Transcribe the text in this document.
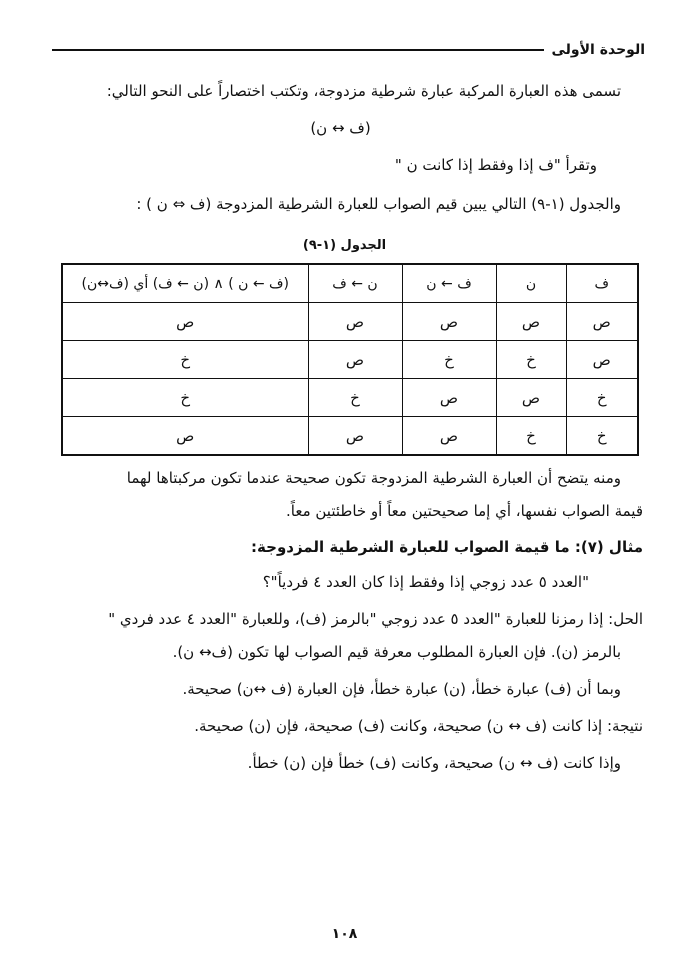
الوحدة الأولى

تسمى هذه العبارة المركبة عبارة شرطية مزدوجة، وتكتب اختصاراً على النحو التالي:

(ف ↔ ن)

وتقرأ "ف إذا وفقط إذا كانت ن "

والجدول (١-٩) التالي يبين قيم الصواب للعبارة الشرطية المزدوجة (ف ⇔ ن ) :

الجدول (١-٩)
ف	ن	ف ← ن	ن ← ف	(ف ← ن ) ∧ (ن ← ف) أي (ف↔ن)
ص	ص	ص	ص	ص
ص	خ	خ	ص	خ
خ	ص	ص	خ	خ
خ	خ	ص	ص	ص

ومنه يتضح أن العبارة الشرطية المزدوجة تكون صحيحة عندما تكون مركبتاها لهما

قيمة الصواب نفسها، أي إما صحيحتين معاً أو خاطئتين معاً.

مثال (٧): ما قيمة الصواب للعبارة الشرطية المزدوجة:

"العدد ٥ عدد زوجي إذا وفقط إذا كان العدد ٤ فردياً"؟

الحل: إذا رمزنا للعبارة "العدد ٥ عدد زوجي "بالرمز (ف)، وللعبارة "العدد ٤ عدد فردي "

بالرمز (ن). فإن العبارة المطلوب معرفة قيم الصواب لها تكون (ف↔ ن).

وبما أن (ف) عبارة خطأ، (ن) عبارة خطأ، فإن العبارة (ف ↔ن) صحيحة.

نتيجة: إذا كانت (ف ↔ ن) صحيحة، وكانت (ف) صحيحة، فإن (ن) صحيحة.

وإذا كانت (ف ↔ ن) صحيحة، وكانت (ف) خطأ فإن (ن) خطأ.

١٠٨
